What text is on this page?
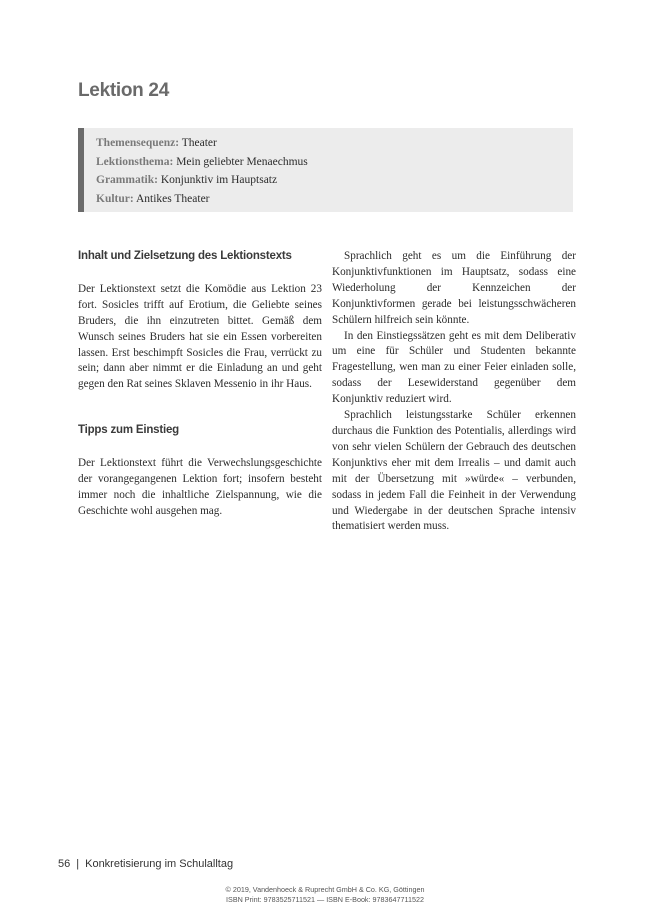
Lektion 24
Themensequenz: Theater
Lektionsthema: Mein geliebter Menaechmus
Grammatik: Konjunktiv im Hauptsatz
Kultur: Antikes Theater
Inhalt und Zielsetzung des Lektionstexts

Der Lektionstext setzt die Komödie aus Lektion 23 fort. Sosicles trifft auf Erotium, die Geliebte seines Bruders, die ihn einzutreten bittet. Gemäß dem Wunsch seines Bruders hat sie ein Essen vorbereiten lassen. Erst beschimpft Sosicles die Frau, verrückt zu sein; dann aber nimmt er die Einladung an und geht gegen den Rat seines Sklaven Messenio in ihr Haus.

Tipps zum Einstieg

Der Lektionstext führt die Verwechslungsgeschichte der vorangegangenen Lektion fort; insofern besteht immer noch die inhaltliche Zielspannung, wie die Geschichte wohl ausgehen mag.

Sprachlich geht es um die Einführung der Konjunktivfunktionen im Hauptsatz, sodass eine Wiederholung der Kennzeichen der Konjunktivformen gerade bei leistungsschwächeren Schülern hilfreich sein könnte.

In den Einstiegssätzen geht es mit dem Deliberativ um eine für Schüler und Studenten bekannte Fragestellung, wen man zu einer Feier einladen solle, sodass der Lesewiderstand gegenüber dem Konjunktiv reduziert wird.

Sprachlich leistungsstarke Schüler erkennen durchaus die Funktion des Potentialis, allerdings wird von sehr vielen Schülern der Gebrauch des deutschen Konjunktivs eher mit dem Irrealis – und damit auch mit der Übersetzung mit »würde« – verbunden, sodass in jedem Fall die Feinheit in der Verwendung und Wiedergabe in der deutschen Sprache intensiv thematisiert werden muss.

56 | Konkretisierung im Schulalltag
© 2019, Vandenhoeck & Ruprecht GmbH & Co. KG, Göttingen
ISBN Print: 9783525711521 — ISBN E-Book: 9783647711522
